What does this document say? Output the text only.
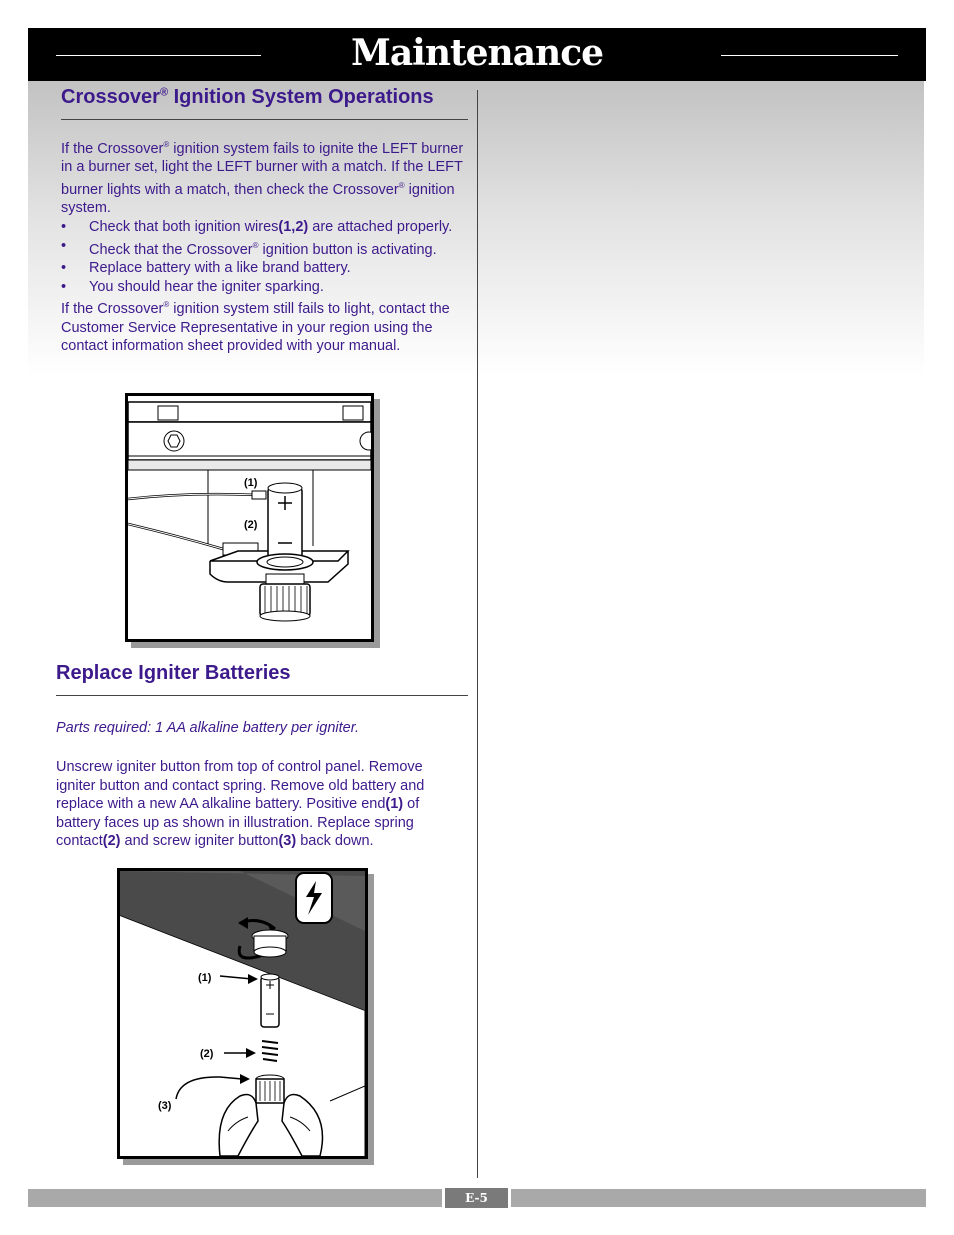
Maintenance
Crossover® Ignition System Operations

If the Crossover® ignition system fails to ignite the LEFT burner in a burner set, light the LEFT burner with a match. If the LEFT burner lights with a match, then check the Crossover® ignition system.

•	Check that both ignition wires(1,2) are attached properly.
•	Check that the Crossover® ignition button is activating.
•	Replace battery with a like brand battery.
•	You should hear the igniter sparking.

If the Crossover® ignition system still fails to light, contact the Customer Service Representative in your region using the contact information sheet provided with your manual.

(1)
(2)
Replace Igniter Batteries
Parts required: 1 AA alkaline battery per igniter.

Unscrew igniter button from top of control panel. Remove igniter button and contact spring. Remove old battery and replace with a new AA alkaline battery. Positive end(1) of battery faces up as shown in illustration. Replace spring contact(2) and screw igniter button(3) back down.

(1)
(2)
(3)
E-5
